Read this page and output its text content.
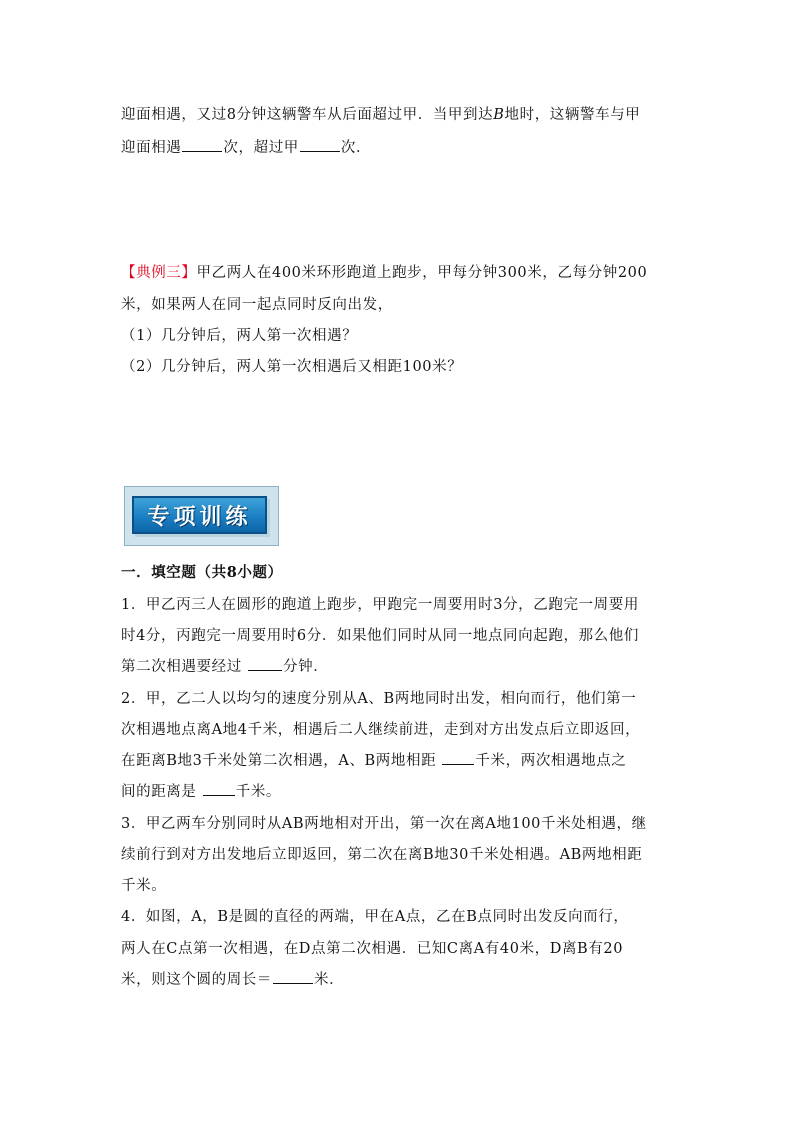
迎面相遇，又过8分钟这辆警车从后面超过甲．当甲到达B地时，这辆警车与甲
迎面相遇	次，超过甲	次．
【典例三】甲乙两人在400米环形跑道上跑步，甲每分钟300米，乙每分钟200
米，如果两人在同一起点同时反向出发，
（1）几分钟后，两人第一次相遇？
（2）几分钟后，两人第一次相遇后又相距100米？
专项训练
一．填空题（共8小题）
1．甲乙丙三人在圆形的跑道上跑步，甲跑完一周要用时3分，乙跑完一周要用
时4分，丙跑完一周要用时6分．如果他们同时从同一地点同向起跑，那么他们
第二次相遇要经过 分钟．
2．甲，乙二人以均匀的速度分别从A、B两地同时出发，相向而行，他们第一
次相遇地点离A地4千米，相遇后二人继续前进，走到对方出发点后立即返回，
在距离B地3千米处第二次相遇，A、B两地相距 千米，两次相遇地点之
间的距离是 千米。
3．甲乙两车分别同时从AB两地相对开出，第一次在离A地100千米处相遇，继
续前行到对方出发地后立即返回，第二次在离B地30千米处相遇。AB两地相距
千米。
4．如图，A，B是圆的直径的两端，甲在A点，乙在B点同时出发反向而行，
两人在C点第一次相遇，在D点第二次相遇．已知C离A有40米，D离B有20
米，则这个圆的周长＝	米．
